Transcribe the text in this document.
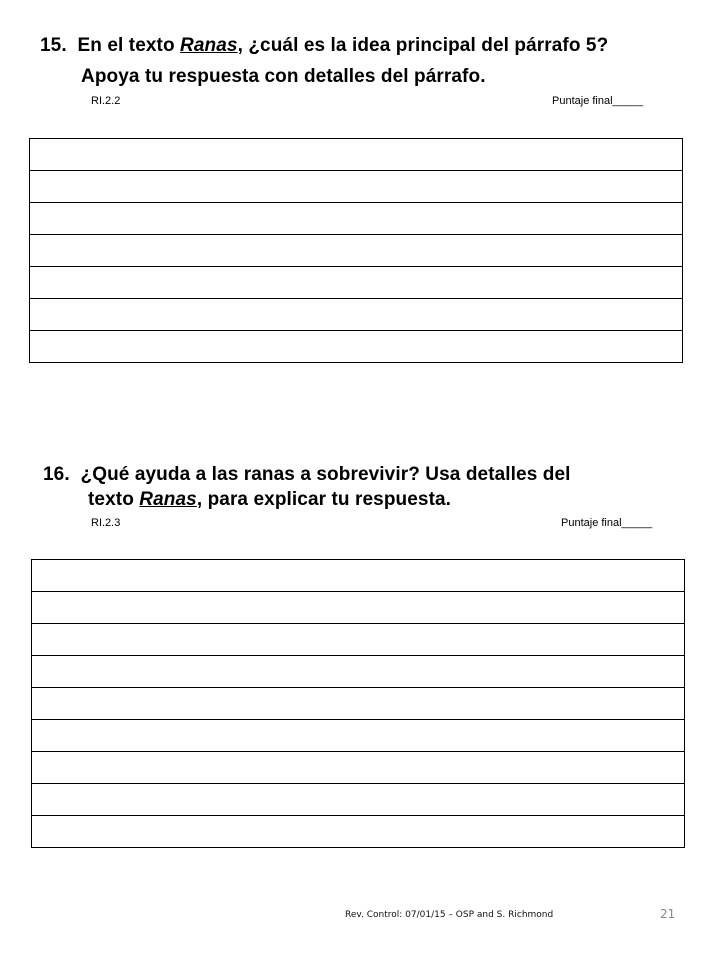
15. En el texto Ranas, ¿cuál es la idea principal del párrafo 5?
Apoya tu respuesta con detalles del párrafo.
RI.2.2	Puntaje final_____

16. ¿Qué ayuda a las ranas a sobrevivir? Usa detalles del
texto Ranas, para explicar tu respuesta.
RI.2.3	Puntaje final_____

Rev. Control: 07/01/15 – OSP and S. Richmond	21
